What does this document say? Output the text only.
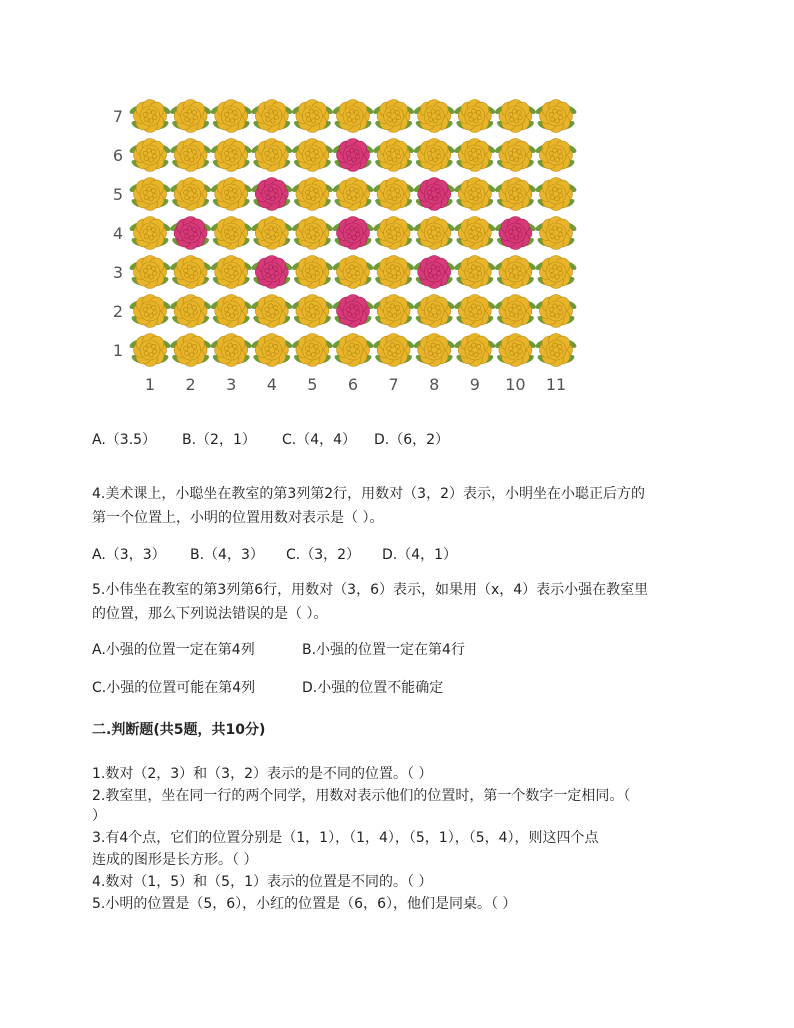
7
6
5
4
3
2
1
1 2 3 4 5 6 7 8 9 10 11
A.（3.5） B.（2，1） C.（4，4） D.（6，2）
4.美术课上，小聪坐在教室的第3列第2行，用数对（3，2）表示，小明坐在小聪正后方的
第一个位置上，小明的位置用数对表示是（ ）。
A.（3，3） B.（4，3） C.（3，2） D.（4，1）
5.小伟坐在教室的第3列第6行，用数对（3，6）表示，如果用（x，4）表示小强在教室里
的位置，那么下列说法错误的是（ ）。
A.小强的位置一定在第4列	B.小强的位置一定在第4行
C.小强的位置可能在第4列	D.小强的位置不能确定
二.判断题(共5题，共10分)
1.数对（2，3）和（3，2）表示的是不同的位置。（ ）
2.教室里，坐在同一行的两个同学，用数对表示他们的位置时，第一个数字一定相同。（
）
3.有4个点，它们的位置分别是（1，1），（1，4），（5，1），（5，4），则这四个点
连成的图形是长方形。（ ）
4.数对（1，5）和（5，1）表示的位置是不同的。（ ）
5.小明的位置是（5，6），小红的位置是（6，6），他们是同桌。（ ）
